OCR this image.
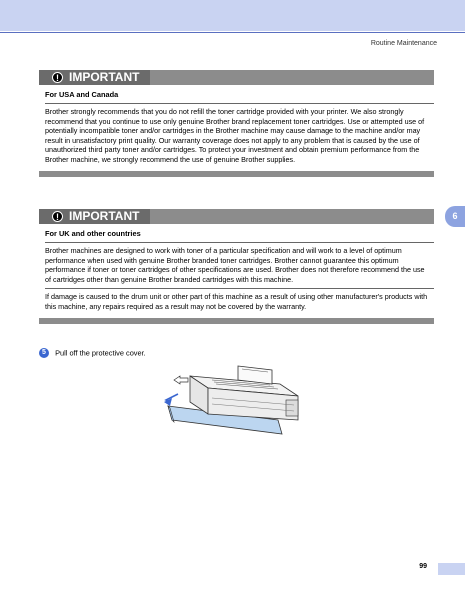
Routine Maintenance
! IMPORTANT
For USA and Canada
Brother strongly recommends that you do not refill the toner cartridge provided with your printer. We also strongly recommend that you continue to use only genuine Brother brand replacement toner cartridges. Use or attempted use of potentially incompatible toner and/or cartridges in the Brother machine may cause damage to the machine and/or may result in unsatisfactory print quality. Our warranty coverage does not apply to any problem that is caused by the use of unauthorized third party toner and/or cartridges. To protect your investment and obtain premium performance from the Brother machine, we strongly recommend the use of genuine Brother supplies.
6
! IMPORTANT
For UK and other countries
Brother machines are designed to work with toner of a particular specification and will work to a level of optimum performance when used with genuine Brother branded toner cartridges. Brother cannot guarantee this optimum performance if toner or toner cartridges of other specifications are used. Brother does not therefore recommend the use of cartridges other than genuine Brother branded cartridges with this machine.
If damage is caused to the drum unit or other part of this machine as a result of using other manufacturer's products with this machine, any repairs required as a result may not be covered by the warranty.
5 Pull off the protective cover.
99
